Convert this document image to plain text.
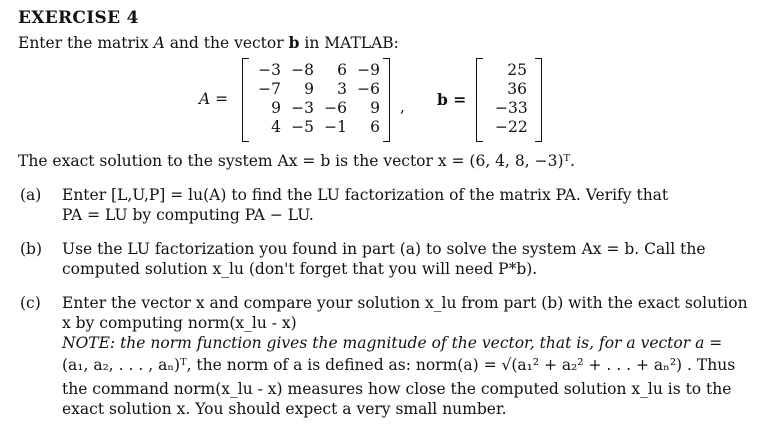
EXERCISE 4
Enter the matrix A and the vector b in MATLAB:
A =
−3 −8	6 −9
−7	9	3 −6
9 −3 −6	9
4 −5 −1	6
, b =
25
36
−33
−22
The exact solution to the system Ax = b is the vector x = (6, 4, 8, −3)ᵀ.
(a) Enter [L,U,P] = lu(A) to find the LU factorization of the matrix PA. Verify that
PA = LU by computing PA − LU.
(b) Use the LU factorization you found in part (a) to solve the system Ax = b. Call the
computed solution x_lu (don't forget that you will need P*b).
(c) Enter the vector x and compare your solution x_lu from part (b) with the exact solution
x by computing norm(x_lu - x)
NOTE: the norm function gives the magnitude of the vector, that is, for a vector a =
(a₁, a₂, . . . , aₙ)ᵀ, the norm of a is defined as: norm(a) = √(a₁² + a₂² + . . . + aₙ²) . Thus
the command norm(x_lu - x) measures how close the computed solution x_lu is to the
exact solution x. You should expect a very small number.
